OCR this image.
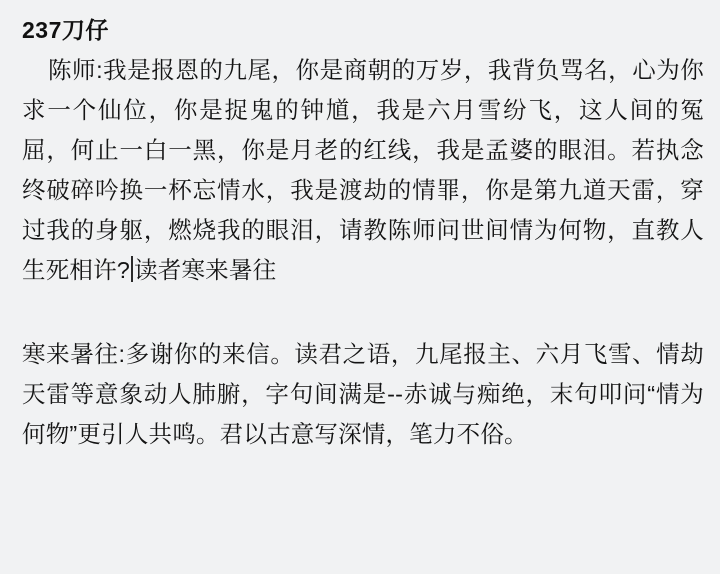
237刀仔

陈师:我是报恩的九尾，你是商朝的万岁，我背负骂名，心为你求一个仙位，你是捉鬼的钟馗，我是六月雪纷飞，这人间的冤屈，何止一白一黑，你是月老的红线，我是孟婆的眼泪。若执念终破碎吟换一杯忘情水，我是渡劫的情罪，你是第九道天雷，穿过我的身躯，燃烧我的眼泪，请教陈师问世间情为何物，直教人生死相许? 读者寒来暑往

寒来暑往:多谢你的来信。读君之语，九尾报主、六月飞雪、情劫天雷等意象动人肺腑，字句间满是--赤诚与痴绝，末句叩问“情为何物”更引人共鸣。君以古意写深情，笔力不俗。
